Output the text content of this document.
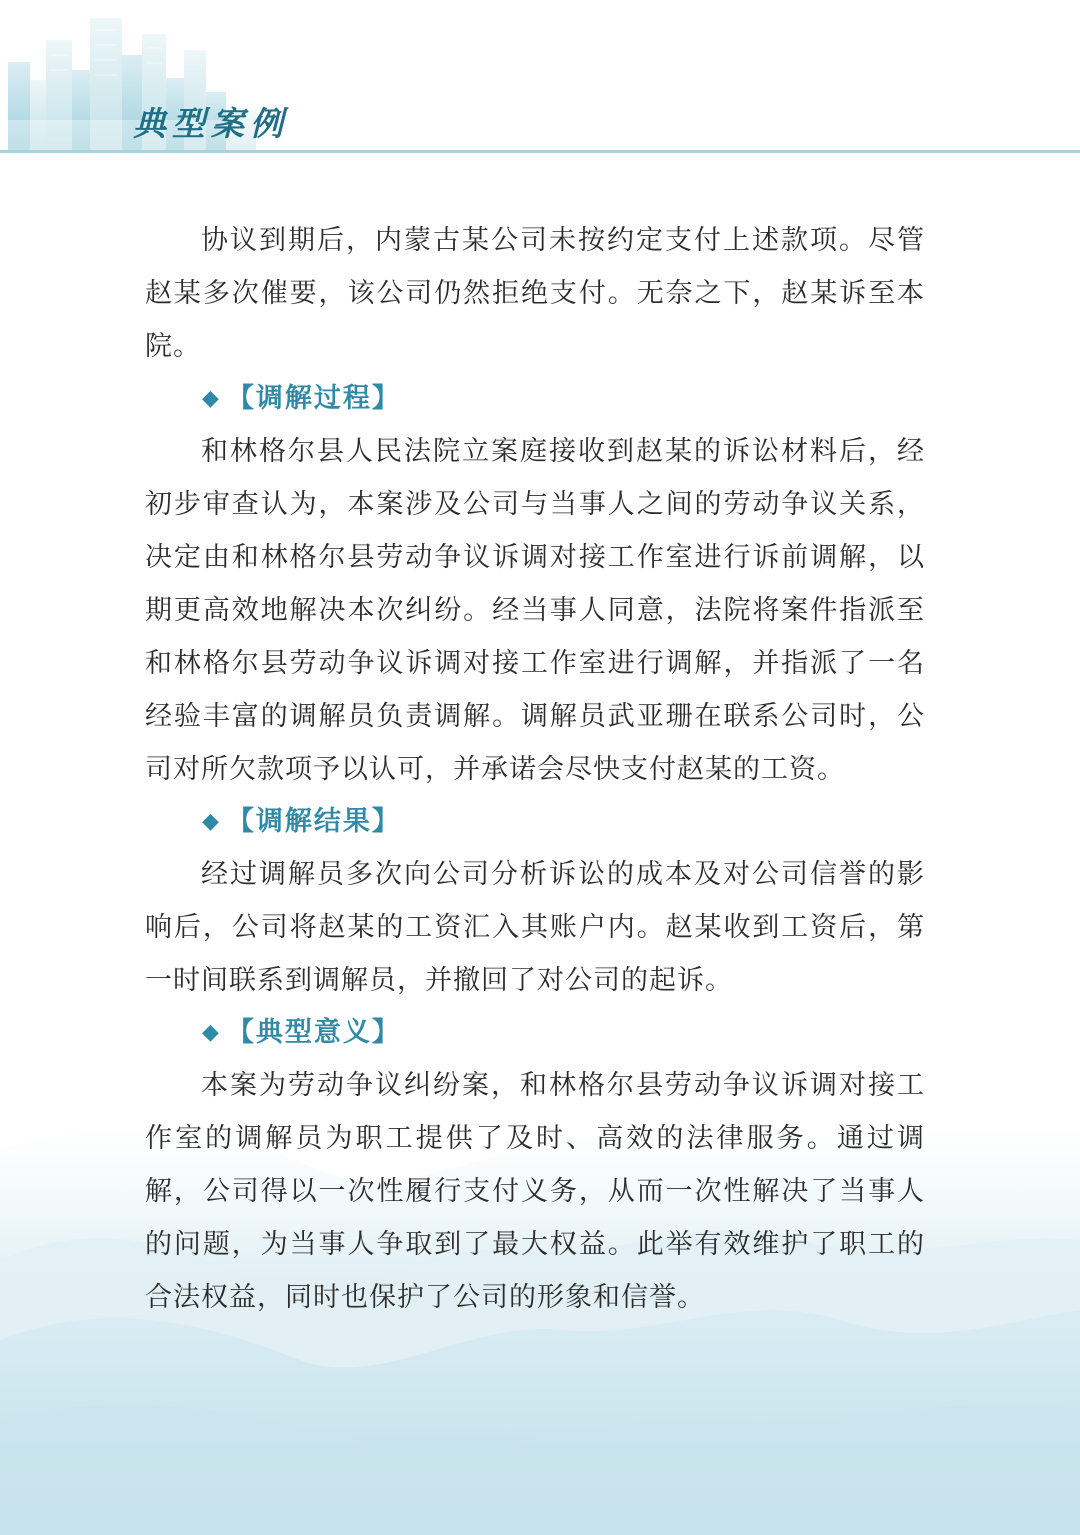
典型案例

协议到期后，内蒙古某公司未按约定支付上述款项。尽管赵某多次催要，该公司仍然拒绝支付。无奈之下，赵某诉至本院。

◆ 【调解过程】

和林格尔县人民法院立案庭接收到赵某的诉讼材料后，经初步审查认为，本案涉及公司与当事人之间的劳动争议关系，决定由和林格尔县劳动争议诉调对接工作室进行诉前调解，以期更高效地解决本次纠纷。经当事人同意，法院将案件指派至和林格尔县劳动争议诉调对接工作室进行调解，并指派了一名经验丰富的调解员负责调解。调解员武亚珊在联系公司时，公司对所欠款项予以认可，并承诺会尽快支付赵某的工资。

◆ 【调解结果】

经过调解员多次向公司分析诉讼的成本及对公司信誉的影响后，公司将赵某的工资汇入其账户内。赵某收到工资后，第一时间联系到调解员，并撤回了对公司的起诉。

◆ 【典型意义】

本案为劳动争议纠纷案，和林格尔县劳动争议诉调对接工作室的调解员为职工提供了及时、高效的法律服务。通过调解，公司得以一次性履行支付义务，从而一次性解决了当事人的问题，为当事人争取到了最大权益。此举有效维护了职工的合法权益，同时也保护了公司的形象和信誉。
